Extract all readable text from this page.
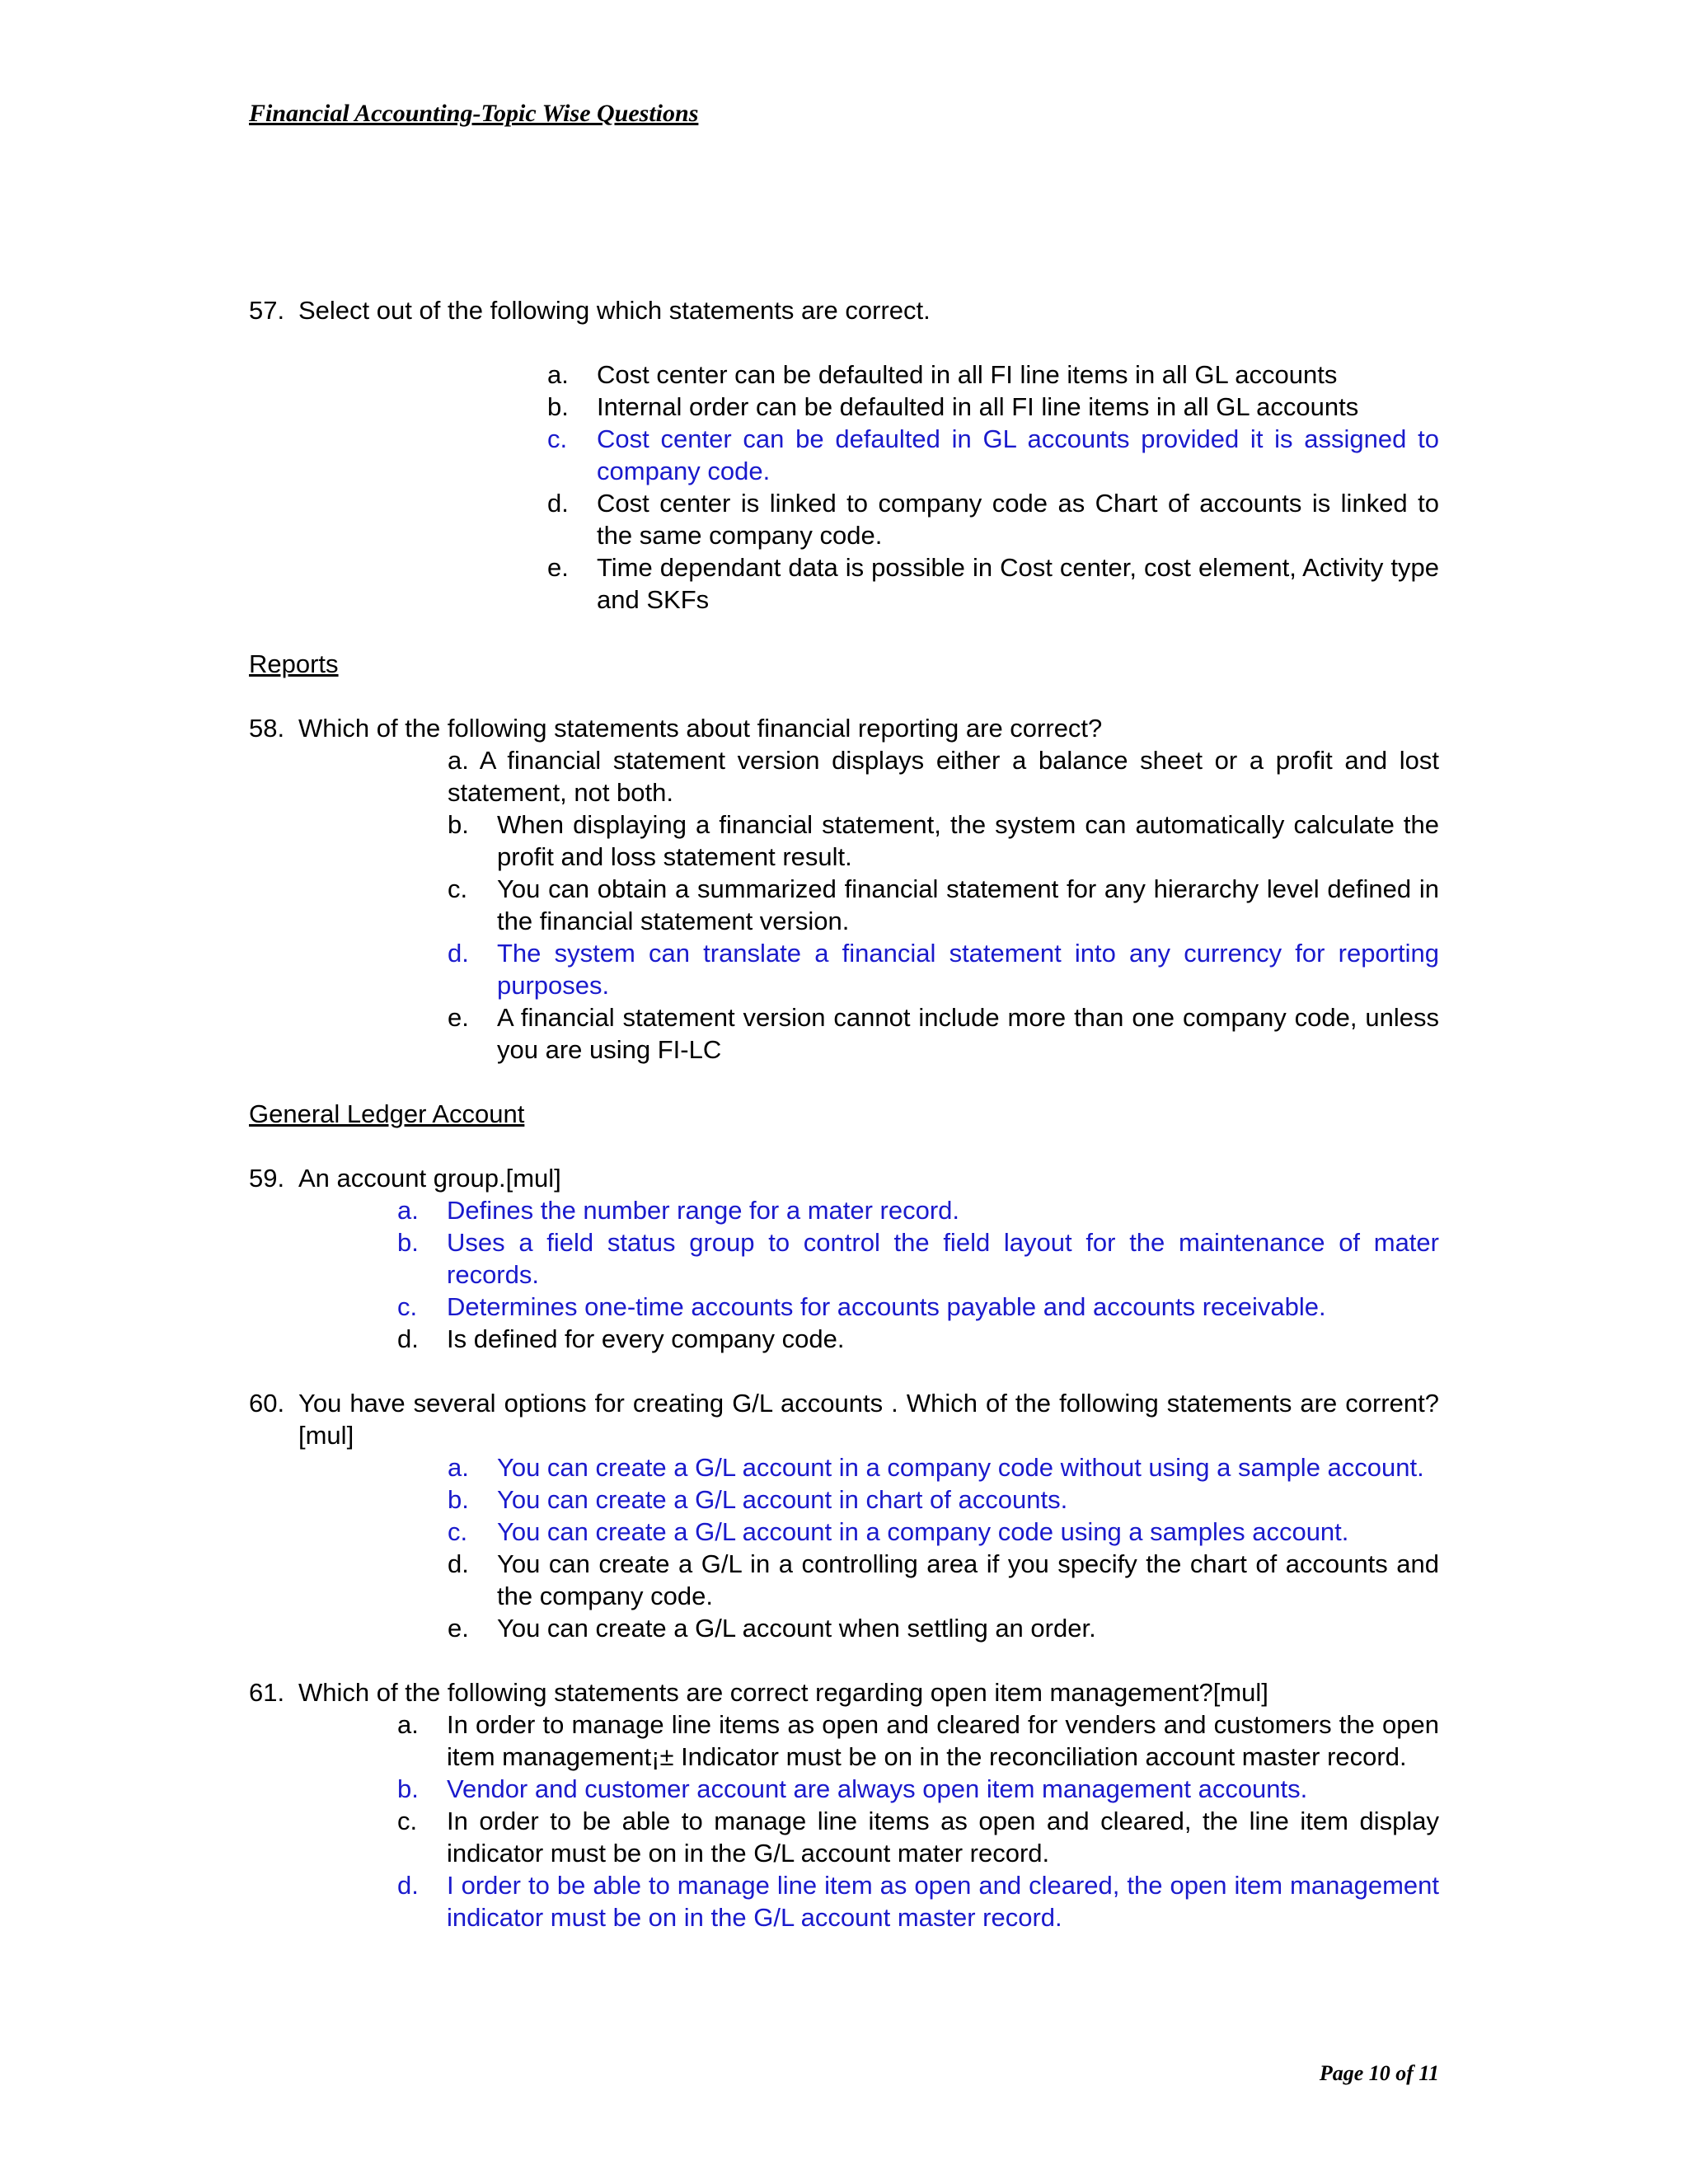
Financial Accounting-Topic Wise Questions
57. Select out of the following which statements are correct.
a.	Cost center can be defaulted in all FI line items in all GL accounts
b.	Internal order can be defaulted in all FI line items in all GL accounts
c.	Cost center can be defaulted in GL accounts provided it is assigned to company code.
d.	Cost center is linked to company code as Chart of accounts is linked to the same company code.
e.	Time dependant data is possible in Cost center, cost element, Activity type and SKFs
Reports
58. Which of the following statements about financial reporting are correct?
a. A financial statement version displays either a balance sheet or a profit and lost statement, not both.
b.	When displaying a financial statement, the system can automatically calculate the profit and loss statement result.
c.	You can obtain a summarized financial statement for any hierarchy level defined in the financial statement version.
d.	The system can translate a financial statement into any currency for reporting purposes.
e.	A financial statement version cannot include more than one company code, unless you are using FI-LC
General Ledger Account
59. An account group.[mul]
a.	Defines the number range for a mater record.
b.	Uses a field status group to control the field layout for the maintenance of mater records.
c.	Determines one-time accounts for accounts payable and accounts receivable.
d.	Is defined for every company code.
60. You have several options for creating G/L accounts . Which of the following statements are corrent?[mul]
a.	You can create a G/L account in a company code without using a sample account.
b.	You can create a G/L account in chart of accounts.
c.	You can create a G/L account in a company code using a samples account.
d.	You can create a G/L in a controlling area if you specify the chart of accounts and the company code.
e.	You can create a G/L account when settling an order.
61. Which of the following statements are correct regarding open item management?[mul]
a.	In order to manage line items as open and cleared for venders and customers the open item management¡± Indicator must be on in the reconciliation account master record.
b.	Vendor and customer account are always open item management accounts.
c.	In order to be able to manage line items as open and cleared, the line item display indicator must be on in the G/L account mater record.
d.	I order to be able to manage line item as open and cleared, the open item management indicator must be on in the G/L account master record.
Page 10 of 11
